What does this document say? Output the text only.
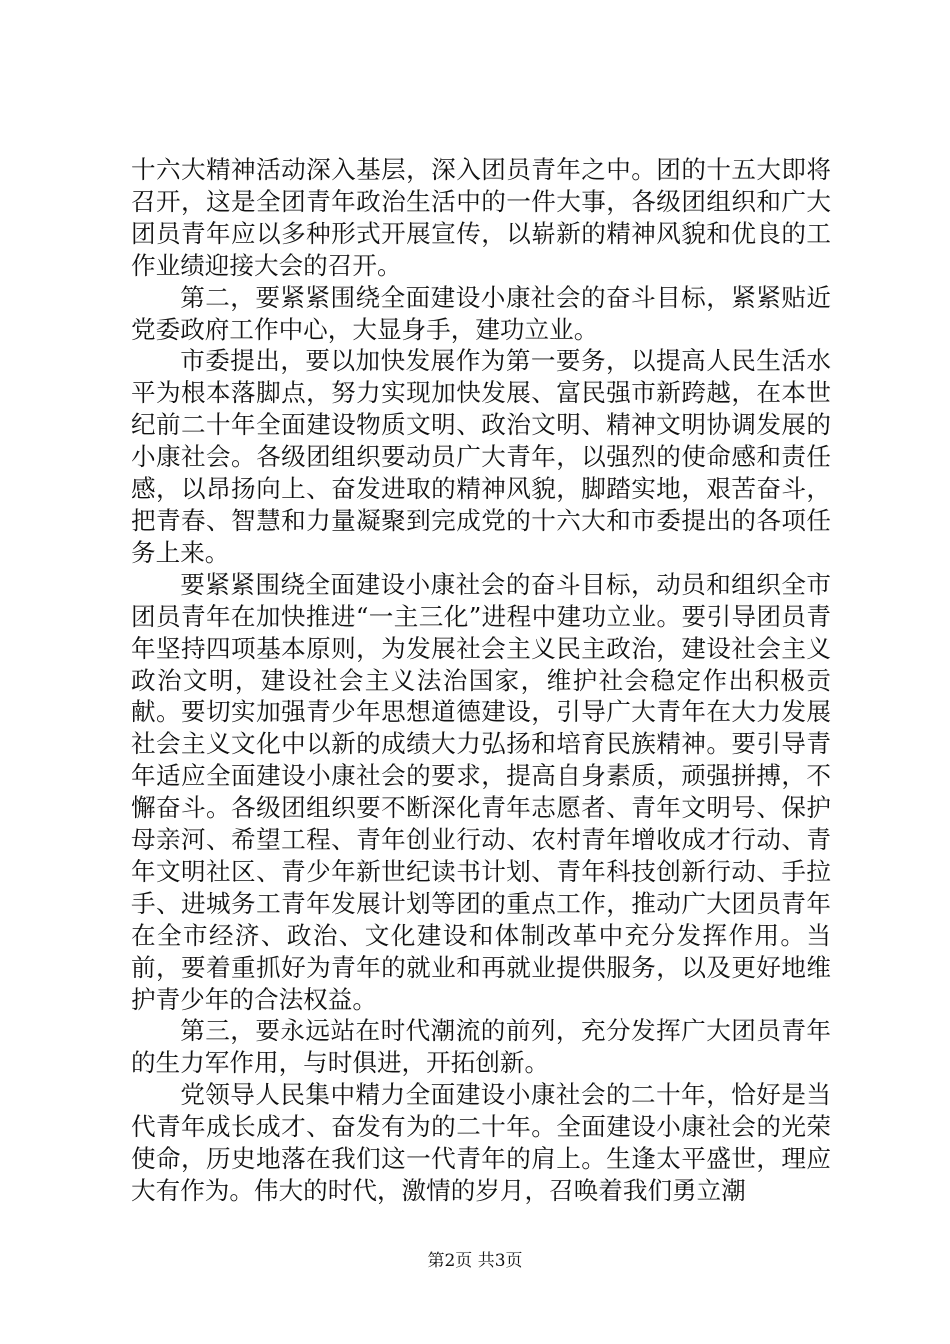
十六大精神活动深入基层，深入团员青年之中。团的十五大即将召开，这是全团青年政治生活中的一件大事，各级团组织和广大团员青年应以多种形式开展宣传，以崭新的精神风貌和优良的工作业绩迎接大会的召开。

第二，要紧紧围绕全面建设小康社会的奋斗目标，紧紧贴近党委政府工作中心，大显身手，建功立业。

市委提出，要以加快发展作为第一要务，以提高人民生活水平为根本落脚点，努力实现加快发展、富民强市新跨越，在本世纪前二十年全面建设物质文明、政治文明、精神文明协调发展的小康社会。各级团组织要动员广大青年，以强烈的使命感和责任感，以昂扬向上、奋发进取的精神风貌，脚踏实地，艰苦奋斗，把青春、智慧和力量凝聚到完成党的十六大和市委提出的各项任务上来。

要紧紧围绕全面建设小康社会的奋斗目标，动员和组织全市团员青年在加快推进“一主三化”进程中建功立业。要引导团员青年坚持四项基本原则，为发展社会主义民主政治，建设社会主义政治文明，建设社会主义法治国家，维护社会稳定作出积极贡献。要切实加强青少年思想道德建设，引导广大青年在大力发展社会主义文化中以新的成绩大力弘扬和培育民族精神。要引导青年适应全面建设小康社会的要求，提高自身素质，顽强拼搏，不懈奋斗。各级团组织要不断深化青年志愿者、青年文明号、保护母亲河、希望工程、青年创业行动、农村青年增收成才行动、青年文明社区、青少年新世纪读书计划、青年科技创新行动、手拉手、进城务工青年发展计划等团的重点工作，推动广大团员青年在全市经济、政治、文化建设和体制改革中充分发挥作用。当前，要着重抓好为青年的就业和再就业提供服务，以及更好地维护青少年的合法权益。

第三，要永远站在时代潮流的前列，充分发挥广大团员青年的生力军作用，与时俱进，开拓创新。

党领导人民集中精力全面建设小康社会的二十年，恰好是当代青年成长成才、奋发有为的二十年。全面建设小康社会的光荣使命，历史地落在我们这一代青年的肩上。生逢太平盛世，理应大有作为。伟大的时代，激情的岁月，召唤着我们勇立潮

第2页 共3页
